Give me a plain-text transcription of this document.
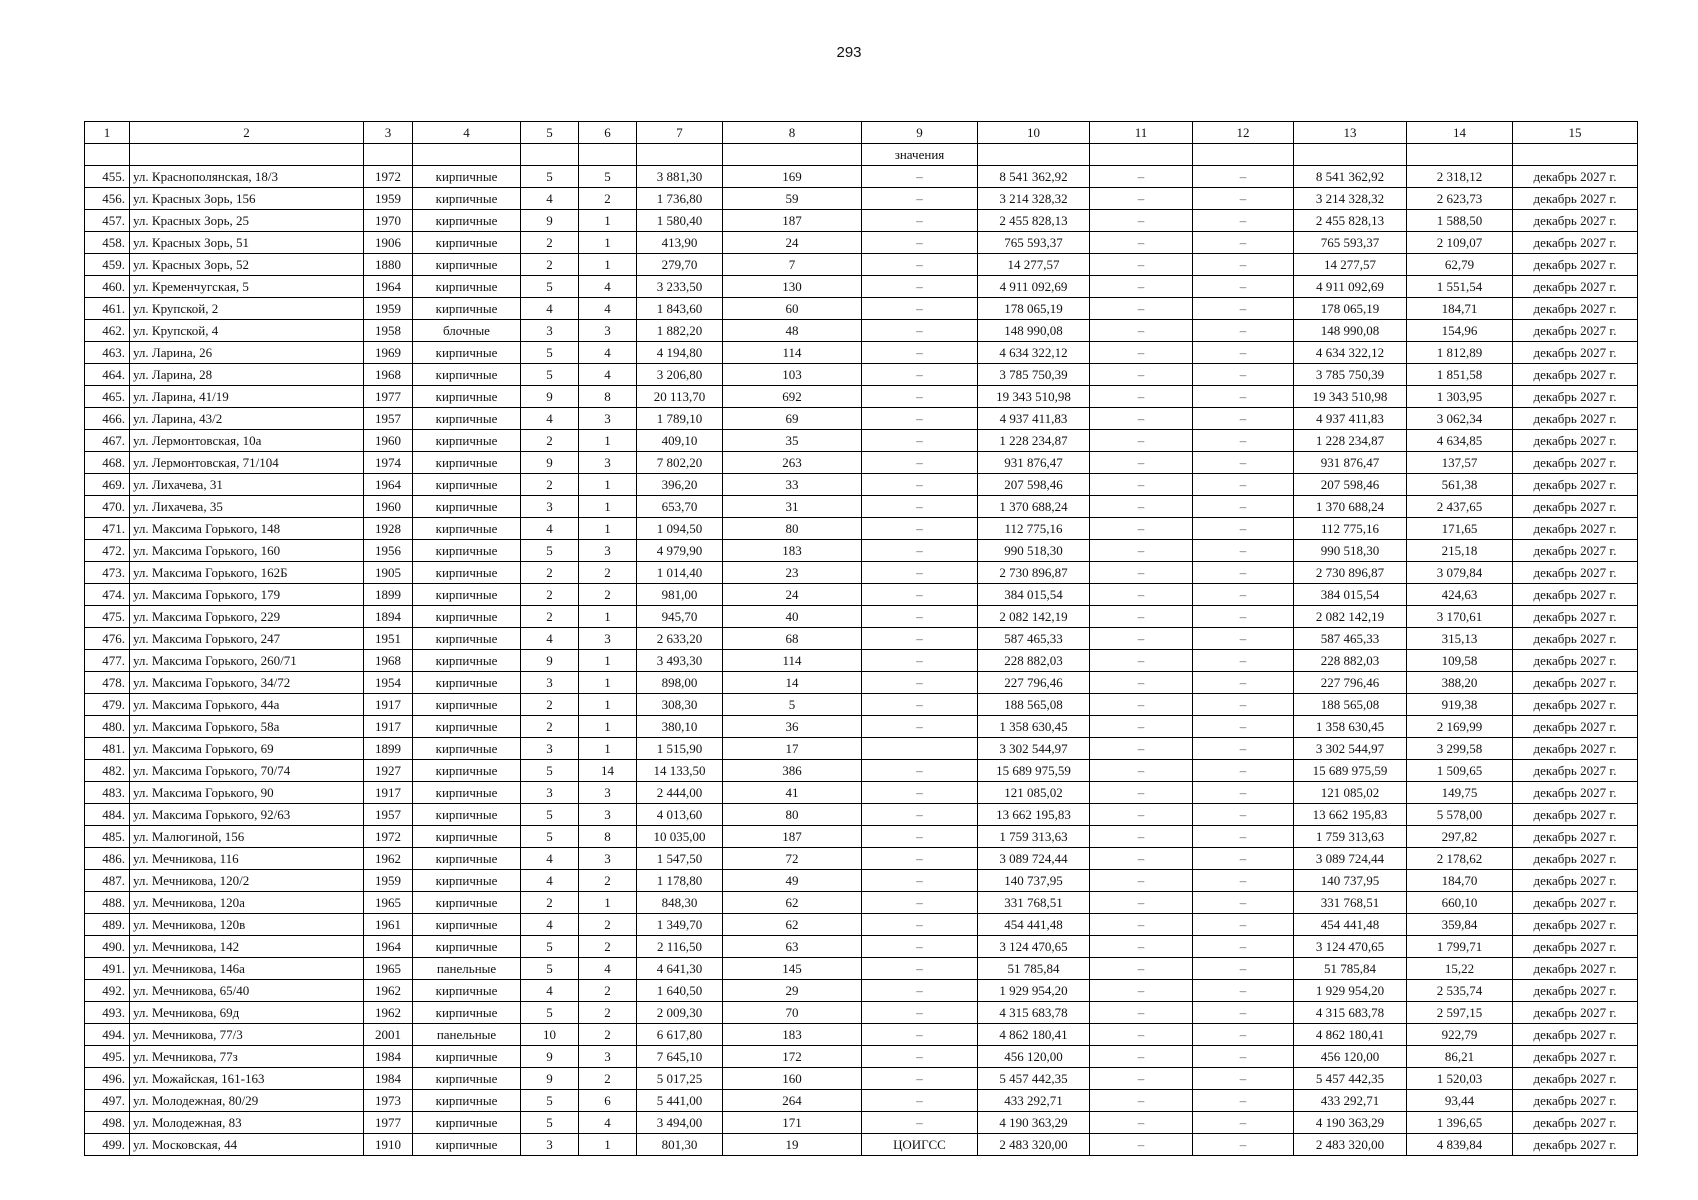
293
1	2	3	4	5	6	7	8	9	10	11	12	13	14	15
								значения						
455.	ул. Краснополянская, 18/3	1972	кирпичные	5	5	3 881,30	169	–	8 541 362,92	–	–	8 541 362,92	2 318,12	декабрь 2027 г.
456.	ул. Красных Зорь, 156	1959	кирпичные	4	2	1 736,80	59	–	3 214 328,32	–	–	3 214 328,32	2 623,73	декабрь 2027 г.
457.	ул. Красных Зорь, 25	1970	кирпичные	9	1	1 580,40	187	–	2 455 828,13	–	–	2 455 828,13	1 588,50	декабрь 2027 г.
458.	ул. Красных Зорь, 51	1906	кирпичные	2	1	413,90	24	–	765 593,37	–	–	765 593,37	2 109,07	декабрь 2027 г.
459.	ул. Красных Зорь, 52	1880	кирпичные	2	1	279,70	7	–	14 277,57	–	–	14 277,57	62,79	декабрь 2027 г.
460.	ул. Кременчугская, 5	1964	кирпичные	5	4	3 233,50	130	–	4 911 092,69	–	–	4 911 092,69	1 551,54	декабрь 2027 г.
461.	ул. Крупской, 2	1959	кирпичные	4	4	1 843,60	60	–	178 065,19	–	–	178 065,19	184,71	декабрь 2027 г.
462.	ул. Крупской, 4	1958	блочные	3	3	1 882,20	48	–	148 990,08	–	–	148 990,08	154,96	декабрь 2027 г.
463.	ул. Ларина, 26	1969	кирпичные	5	4	4 194,80	114	–	4 634 322,12	–	–	4 634 322,12	1 812,89	декабрь 2027 г.
464.	ул. Ларина, 28	1968	кирпичные	5	4	3 206,80	103	–	3 785 750,39	–	–	3 785 750,39	1 851,58	декабрь 2027 г.
465.	ул. Ларина, 41/19	1977	кирпичные	9	8	20 113,70	692	–	19 343 510,98	–	–	19 343 510,98	1 303,95	декабрь 2027 г.
466.	ул. Ларина, 43/2	1957	кирпичные	4	3	1 789,10	69	–	4 937 411,83	–	–	4 937 411,83	3 062,34	декабрь 2027 г.
467.	ул. Лермонтовская, 10а	1960	кирпичные	2	1	409,10	35	–	1 228 234,87	–	–	1 228 234,87	4 634,85	декабрь 2027 г.
468.	ул. Лермонтовская, 71/104	1974	кирпичные	9	3	7 802,20	263	–	931 876,47	–	–	931 876,47	137,57	декабрь 2027 г.
469.	ул. Лихачева, 31	1964	кирпичные	2	1	396,20	33	–	207 598,46	–	–	207 598,46	561,38	декабрь 2027 г.
470.	ул. Лихачева, 35	1960	кирпичные	3	1	653,70	31	–	1 370 688,24	–	–	1 370 688,24	2 437,65	декабрь 2027 г.
471.	ул. Максима Горького, 148	1928	кирпичные	4	1	1 094,50	80	–	112 775,16	–	–	112 775,16	171,65	декабрь 2027 г.
472.	ул. Максима Горького, 160	1956	кирпичные	5	3	4 979,90	183	–	990 518,30	–	–	990 518,30	215,18	декабрь 2027 г.
473.	ул. Максима Горького, 162Б	1905	кирпичные	2	2	1 014,40	23	–	2 730 896,87	–	–	2 730 896,87	3 079,84	декабрь 2027 г.
474.	ул. Максима Горького, 179	1899	кирпичные	2	2	981,00	24	–	384 015,54	–	–	384 015,54	424,63	декабрь 2027 г.
475.	ул. Максима Горького, 229	1894	кирпичные	2	1	945,70	40	–	2 082 142,19	–	–	2 082 142,19	3 170,61	декабрь 2027 г.
476.	ул. Максима Горького, 247	1951	кирпичные	4	3	2 633,20	68	–	587 465,33	–	–	587 465,33	315,13	декабрь 2027 г.
477.	ул. Максима Горького, 260/71	1968	кирпичные	9	1	3 493,30	114	–	228 882,03	–	–	228 882,03	109,58	декабрь 2027 г.
478.	ул. Максима Горького, 34/72	1954	кирпичные	3	1	898,00	14	–	227 796,46	–	–	227 796,46	388,20	декабрь 2027 г.
479.	ул. Максима Горького, 44а	1917	кирпичные	2	1	308,30	5	–	188 565,08	–	–	188 565,08	919,38	декабрь 2027 г.
480.	ул. Максима Горького, 58а	1917	кирпичные	2	1	380,10	36	–	1 358 630,45	–	–	1 358 630,45	2 169,99	декабрь 2027 г.
481.	ул. Максима Горького, 69	1899	кирпичные	3	1	1 515,90	17		3 302 544,97	–	–	3 302 544,97	3 299,58	декабрь 2027 г.
482.	ул. Максима Горького, 70/74	1927	кирпичные	5	14	14 133,50	386	–	15 689 975,59	–	–	15 689 975,59	1 509,65	декабрь 2027 г.
483.	ул. Максима Горького, 90	1917	кирпичные	3	3	2 444,00	41	–	121 085,02	–	–	121 085,02	149,75	декабрь 2027 г.
484.	ул. Максима Горького, 92/63	1957	кирпичные	5	3	4 013,60	80	–	13 662 195,83	–	–	13 662 195,83	5 578,00	декабрь 2027 г.
485.	ул. Малюгиной, 156	1972	кирпичные	5	8	10 035,00	187	–	1 759 313,63	–	–	1 759 313,63	297,82	декабрь 2027 г.
486.	ул. Мечникова, 116	1962	кирпичные	4	3	1 547,50	72	–	3 089 724,44	–	–	3 089 724,44	2 178,62	декабрь 2027 г.
487.	ул. Мечникова, 120/2	1959	кирпичные	4	2	1 178,80	49	–	140 737,95	–	–	140 737,95	184,70	декабрь 2027 г.
488.	ул. Мечникова, 120а	1965	кирпичные	2	1	848,30	62	–	331 768,51	–	–	331 768,51	660,10	декабрь 2027 г.
489.	ул. Мечникова, 120в	1961	кирпичные	4	2	1 349,70	62	–	454 441,48	–	–	454 441,48	359,84	декабрь 2027 г.
490.	ул. Мечникова, 142	1964	кирпичные	5	2	2 116,50	63	–	3 124 470,65	–	–	3 124 470,65	1 799,71	декабрь 2027 г.
491.	ул. Мечникова, 146а	1965	панельные	5	4	4 641,30	145	–	51 785,84	–	–	51 785,84	15,22	декабрь 2027 г.
492.	ул. Мечникова, 65/40	1962	кирпичные	4	2	1 640,50	29	–	1 929 954,20	–	–	1 929 954,20	2 535,74	декабрь 2027 г.
493.	ул. Мечникова, 69д	1962	кирпичные	5	2	2 009,30	70	–	4 315 683,78	–	–	4 315 683,78	2 597,15	декабрь 2027 г.
494.	ул. Мечникова, 77/3	2001	панельные	10	2	6 617,80	183	–	4 862 180,41	–	–	4 862 180,41	922,79	декабрь 2027 г.
495.	ул. Мечникова, 77з	1984	кирпичные	9	3	7 645,10	172	–	456 120,00	–	–	456 120,00	86,21	декабрь 2027 г.
496.	ул. Можайская, 161-163	1984	кирпичные	9	2	5 017,25	160	–	5 457 442,35	–	–	5 457 442,35	1 520,03	декабрь 2027 г.
497.	ул. Молодежная, 80/29	1973	кирпичные	5	6	5 441,00	264	–	433 292,71	–	–	433 292,71	93,44	декабрь 2027 г.
498.	ул. Молодежная, 83	1977	кирпичные	5	4	3 494,00	171	–	4 190 363,29	–	–	4 190 363,29	1 396,65	декабрь 2027 г.
499.	ул. Московская, 44	1910	кирпичные	3	1	801,30	19	ЦОИГСС	2 483 320,00	–	–	2 483 320,00	4 839,84	декабрь 2027 г.
